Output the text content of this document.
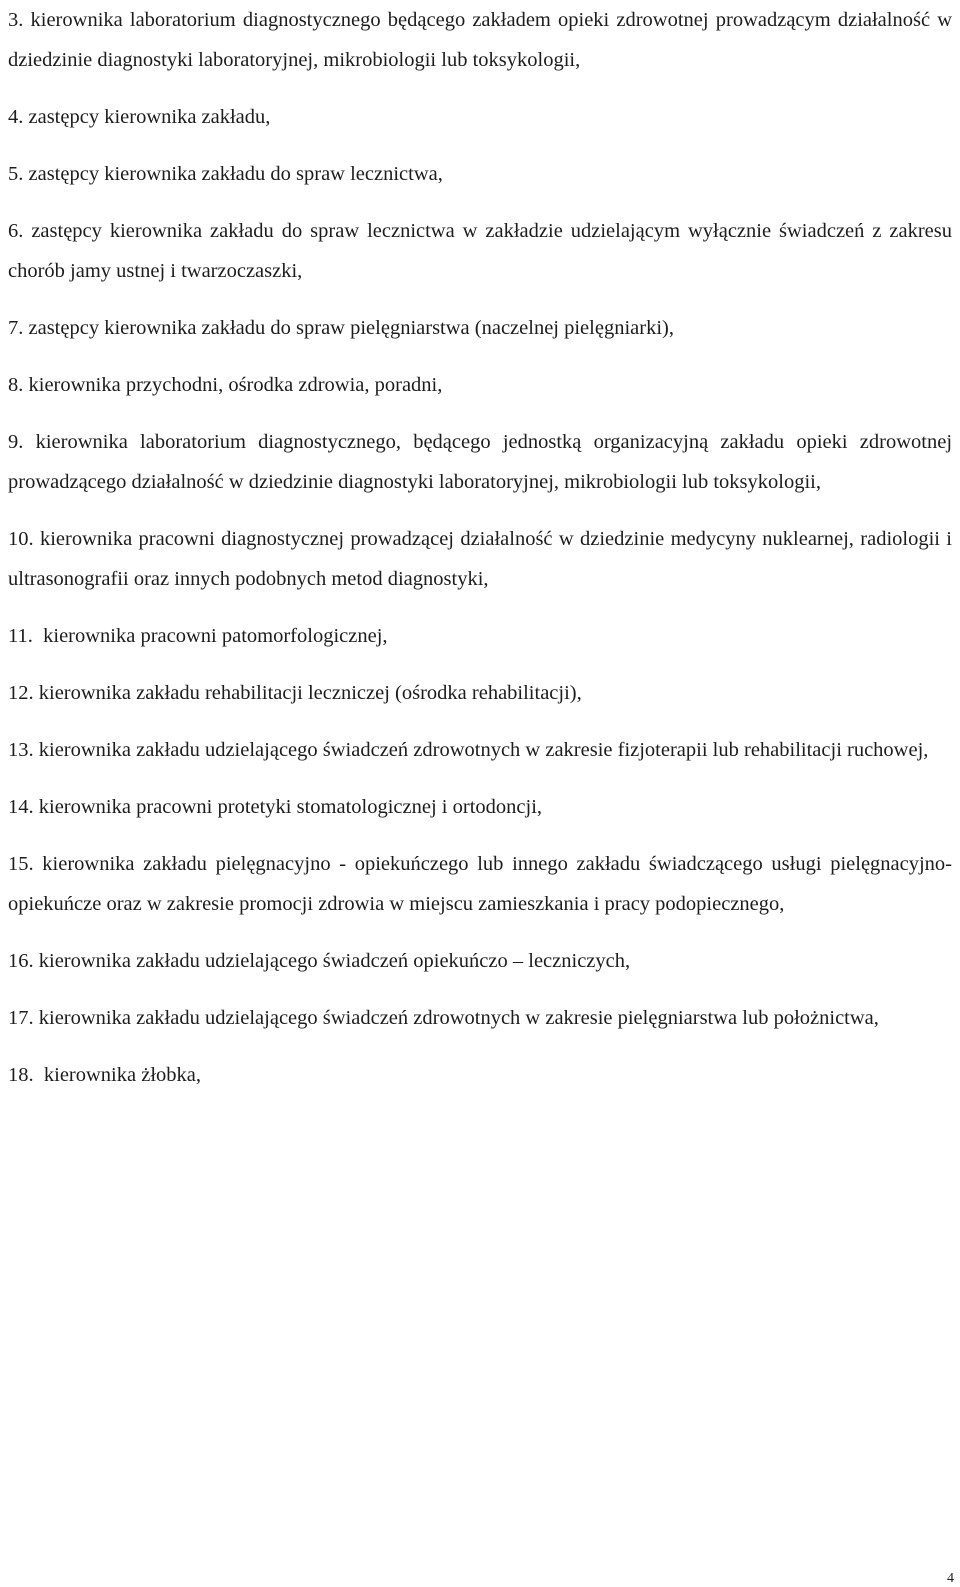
3. kierownika laboratorium diagnostycznego będącego zakładem opieki zdrowotnej prowadzącym działalność w dziedzinie diagnostyki laboratoryjnej, mikrobiologii lub toksykologii,
4. zastępcy kierownika zakładu,
5. zastępcy kierownika zakładu do spraw lecznictwa,
6. zastępcy kierownika zakładu do spraw lecznictwa w zakładzie udzielającym wyłącznie świadczeń z zakresu chorób jamy ustnej i twarzoczaszki,
7. zastępcy kierownika zakładu do spraw pielęgniarstwa (naczelnej pielęgniarki),
8. kierownika przychodni, ośrodka zdrowia, poradni,
9. kierownika laboratorium diagnostycznego, będącego jednostką organizacyjną zakładu opieki zdrowotnej prowadzącego działalność w dziedzinie diagnostyki laboratoryjnej, mikrobiologii lub toksykologii,
10. kierownika pracowni diagnostycznej prowadzącej działalność w dziedzinie medycyny nuklearnej, radiologii i ultrasonografii oraz innych podobnych metod diagnostyki,
11.  kierownika pracowni patomorfologicznej,
12. kierownika zakładu rehabilitacji leczniczej (ośrodka rehabilitacji),
13. kierownika zakładu udzielającego świadczeń zdrowotnych w zakresie fizjoterapii lub rehabilitacji ruchowej,
14. kierownika pracowni protetyki stomatologicznej i ortodoncji,
15. kierownika zakładu pielęgnacyjno - opiekuńczego lub innego zakładu świadczącego usługi pielęgnacyjno- opiekuńcze oraz w zakresie promocji zdrowia w miejscu zamieszkania i pracy podopiecznego,
16. kierownika zakładu udzielającego świadczeń opiekuńczo – leczniczych,
17. kierownika zakładu udzielającego świadczeń zdrowotnych w zakresie pielęgniarstwa lub położnictwa,
18.  kierownika żłobka,
4
